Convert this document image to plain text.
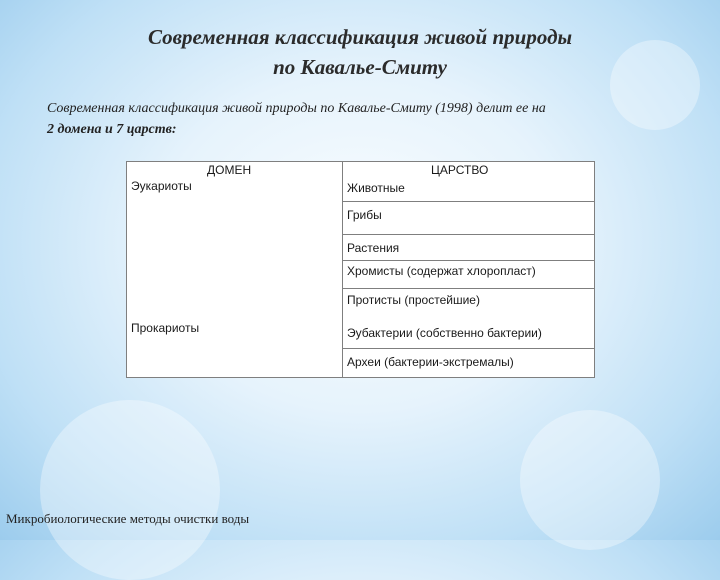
Современная классификация живой природы
по Кавалье-Смиту
Современная классификация живой природы по Кавалье-Смиту (1998) делит ее на
2 домена и 7 царств:
ДОМЕН
Эукариоты
Прокариоты
ЦАРСТВО
Животные
Грибы
Растения
Хромисты (содержат хлоропласт)
Протисты (простейшие)
Эубактерии (собственно бактерии)
Археи (бактерии-экстремалы)
Микробиологические методы очистки воды
